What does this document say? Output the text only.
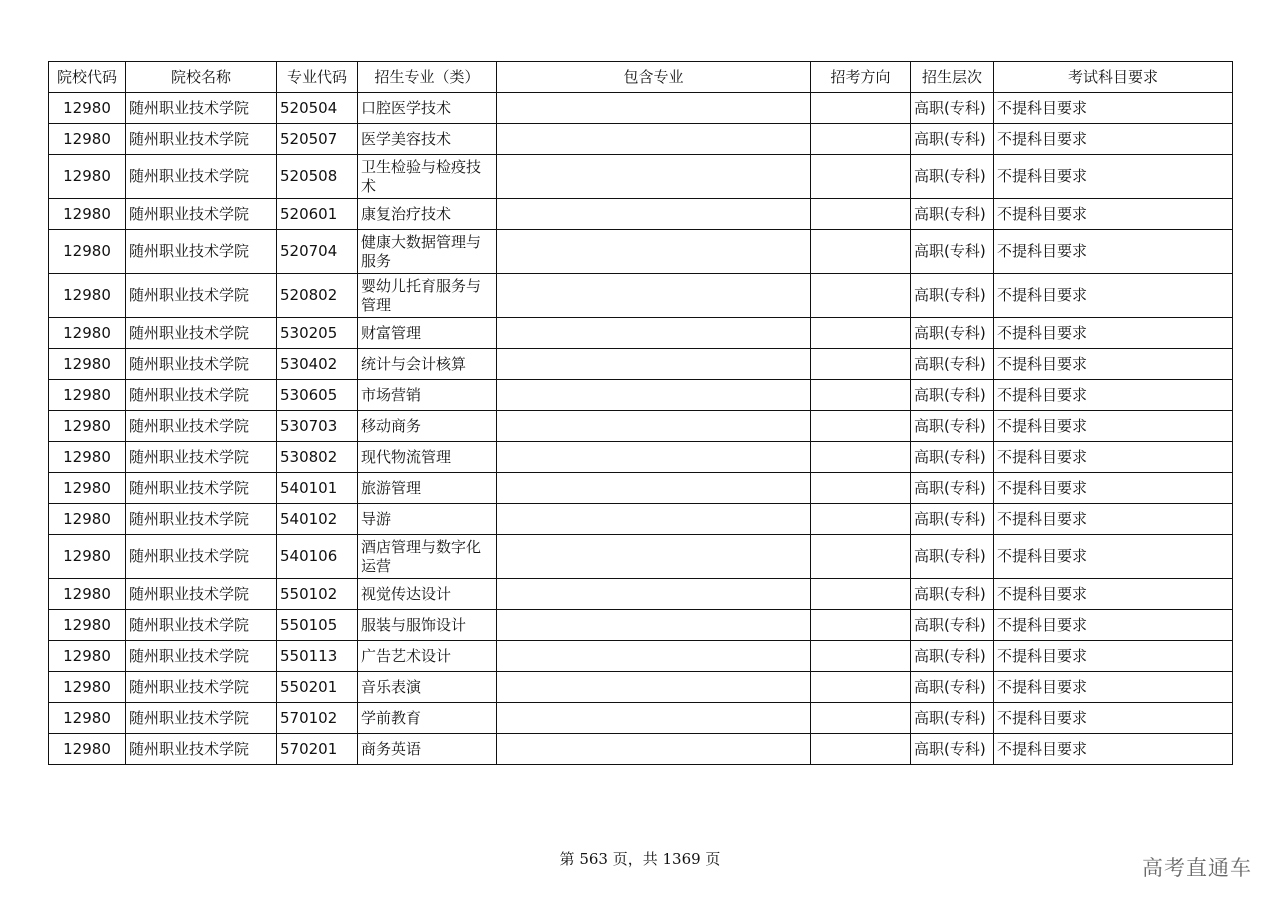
院校代码	院校名称	专业代码	招生专业（类）	包含专业	招考方向	招生层次	考试科目要求
12980	随州职业技术学院	520504	口腔医学技术			高职(专科)	不提科目要求
12980	随州职业技术学院	520507	医学美容技术			高职(专科)	不提科目要求
12980	随州职业技术学院	520508	卫生检验与检疫技术			高职(专科)	不提科目要求
12980	随州职业技术学院	520601	康复治疗技术			高职(专科)	不提科目要求
12980	随州职业技术学院	520704	健康大数据管理与服务			高职(专科)	不提科目要求
12980	随州职业技术学院	520802	婴幼儿托育服务与管理			高职(专科)	不提科目要求
12980	随州职业技术学院	530205	财富管理			高职(专科)	不提科目要求
12980	随州职业技术学院	530402	统计与会计核算			高职(专科)	不提科目要求
12980	随州职业技术学院	530605	市场营销			高职(专科)	不提科目要求
12980	随州职业技术学院	530703	移动商务			高职(专科)	不提科目要求
12980	随州职业技术学院	530802	现代物流管理			高职(专科)	不提科目要求
12980	随州职业技术学院	540101	旅游管理			高职(专科)	不提科目要求
12980	随州职业技术学院	540102	导游			高职(专科)	不提科目要求
12980	随州职业技术学院	540106	酒店管理与数字化运营			高职(专科)	不提科目要求
12980	随州职业技术学院	550102	视觉传达设计			高职(专科)	不提科目要求
12980	随州职业技术学院	550105	服装与服饰设计			高职(专科)	不提科目要求
12980	随州职业技术学院	550113	广告艺术设计			高职(专科)	不提科目要求
12980	随州职业技术学院	550201	音乐表演			高职(专科)	不提科目要求
12980	随州职业技术学院	570102	学前教育			高职(专科)	不提科目要求
12980	随州职业技术学院	570201	商务英语			高职(专科)	不提科目要求
第 563 页，共 1369 页	高考直通车
